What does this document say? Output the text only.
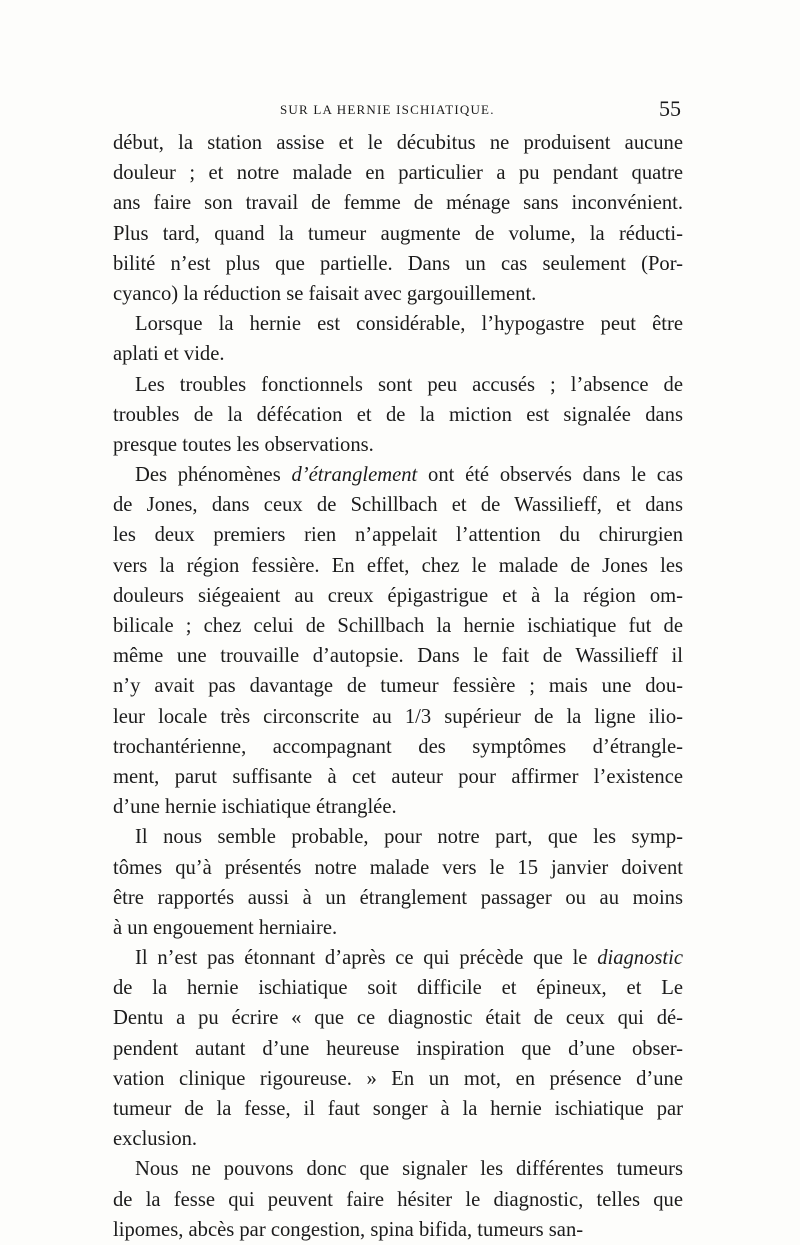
SUR LA HERNIE ISCHIATIQUE.	55
début, la station assise et le décubitus ne produisent aucune
douleur ; et notre malade en particulier a pu pendant quatre
ans faire son travail de femme de ménage sans inconvénient.
Plus tard, quand la tumeur augmente de volume, la réducti-
bilité n’est plus que partielle. Dans un cas seulement (Por-
cyanco) la réduction se faisait avec gargouillement.
Lorsque la hernie est considérable, l’hypogastre peut être
aplati et vide.
Les troubles fonctionnels sont peu accusés ; l’absence de
troubles de la défécation et de la miction est signalée dans
presque toutes les observations.
Des phénomènes d’étranglement ont été observés dans le cas
de Jones, dans ceux de Schillbach et de Wassilieff, et dans
les deux premiers rien n’appelait l’attention du chirurgien
vers la région fessière. En effet, chez le malade de Jones les
douleurs siégeaient au creux épigastrigue et à la région om-
bilicale ; chez celui de Schillbach la hernie ischiatique fut de
même une trouvaille d’autopsie. Dans le fait de Wassilieff il
n’y avait pas davantage de tumeur fessière ; mais une dou-
leur locale très circonscrite au 1/3 supérieur de la ligne ilio-
trochantérienne, accompagnant des symptômes d’étrangle-
ment, parut suffisante à cet auteur pour affirmer l’existence
d’une hernie ischiatique étranglée.
Il nous semble probable, pour notre part, que les symp-
tômes qu’à présentés notre malade vers le 15 janvier doivent
être rapportés aussi à un étranglement passager ou au moins
à un engouement herniaire.
Il n’est pas étonnant d’après ce qui précède que le diagnostic
de la hernie ischiatique soit difficile et épineux, et Le
Dentu a pu écrire « que ce diagnostic était de ceux qui dé-
pendent autant d’une heureuse inspiration que d’une obser-
vation clinique rigoureuse. » En un mot, en présence d’une
tumeur de la fesse, il faut songer à la hernie ischiatique par
exclusion.
Nous ne pouvons donc que signaler les différentes tumeurs
de la fesse qui peuvent faire hésiter le diagnostic, telles que
lipomes, abcès par congestion, spina bifida, tumeurs san-
